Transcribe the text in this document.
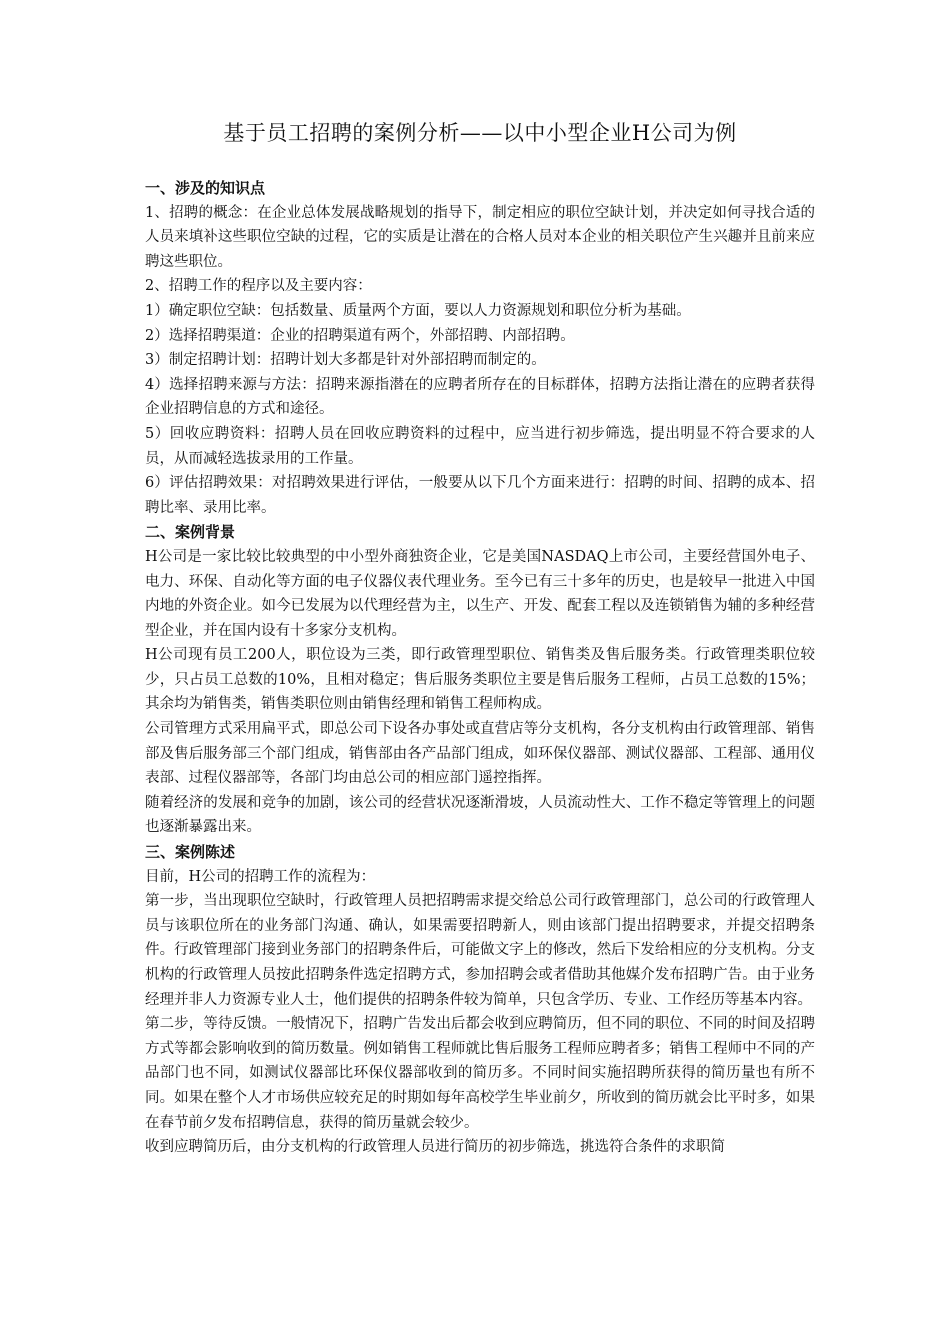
基于员工招聘的案例分析——以中小型企业H公司为例

一、涉及的知识点

1、招聘的概念：在企业总体发展战略规划的指导下，制定相应的职位空缺计划，并决定如何寻找合适的人员来填补这些职位空缺的过程，它的实质是让潜在的合格人员对本企业的相关职位产生兴趣并且前来应聘这些职位。

2、招聘工作的程序以及主要内容：

1）确定职位空缺：包括数量、质量两个方面，要以人力资源规划和职位分析为基础。

2）选择招聘渠道：企业的招聘渠道有两个，外部招聘、内部招聘。

3）制定招聘计划：招聘计划大多都是针对外部招聘而制定的。

4）选择招聘来源与方法：招聘来源指潜在的应聘者所存在的目标群体，招聘方法指让潜在的应聘者获得企业招聘信息的方式和途径。

5）回收应聘资料：招聘人员在回收应聘资料的过程中，应当进行初步筛选，提出明显不符合要求的人员，从而减轻选拔录用的工作量。

6）评估招聘效果：对招聘效果进行评估，一般要从以下几个方面来进行：招聘的时间、招聘的成本、招聘比率、录用比率。

二、案例背景

H公司是一家比较比较典型的中小型外商独资企业，它是美国NASDAQ上市公司，主要经营国外电子、电力、环保、自动化等方面的电子仪器仪表代理业务。至今已有三十多年的历史，也是较早一批进入中国内地的外资企业。如今已发展为以代理经营为主，以生产、开发、配套工程以及连锁销售为辅的多种经营型企业，并在国内设有十多家分支机构。

H公司现有员工200人，职位设为三类，即行政管理型职位、销售类及售后服务类。行政管理类职位较少，只占员工总数的10%，且相对稳定；售后服务类职位主要是售后服务工程师，占员工总数的15%；其余均为销售类，销售类职位则由销售经理和销售工程师构成。

公司管理方式采用扁平式，即总公司下设各办事处或直营店等分支机构，各分支机构由行政管理部、销售部及售后服务部三个部门组成，销售部由各产品部门组成，如环保仪器部、测试仪器部、工程部、通用仪表部、过程仪器部等，各部门均由总公司的相应部门遥控指挥。

随着经济的发展和竞争的加剧，该公司的经营状况逐渐滑坡，人员流动性大、工作不稳定等管理上的问题也逐渐暴露出来。

三、案例陈述

目前，H公司的招聘工作的流程为：

第一步，当出现职位空缺时，行政管理人员把招聘需求提交给总公司行政管理部门，总公司的行政管理人员与该职位所在的业务部门沟通、确认，如果需要招聘新人，则由该部门提出招聘要求，并提交招聘条件。行政管理部门接到业务部门的招聘条件后，可能做文字上的修改，然后下发给相应的分支机构。分支机构的行政管理人员按此招聘条件选定招聘方式，参加招聘会或者借助其他媒介发布招聘广告。由于业务经理并非人力资源专业人士，他们提供的招聘条件较为简单，只包含学历、专业、工作经历等基本内容。

第二步，等待反馈。一般情况下，招聘广告发出后都会收到应聘简历，但不同的职位、不同的时间及招聘方式等都会影响收到的简历数量。例如销售工程师就比售后服务工程师应聘者多；销售工程师中不同的产品部门也不同，如测试仪器部比环保仪器部收到的简历多。不同时间实施招聘所获得的简历量也有所不同。如果在整个人才市场供应较充足的时期如每年高校学生毕业前夕，所收到的简历就会比平时多，如果在春节前夕发布招聘信息，获得的简历量就会较少。

收到应聘简历后，由分支机构的行政管理人员进行简历的初步筛选，挑选符合条件的求职简
